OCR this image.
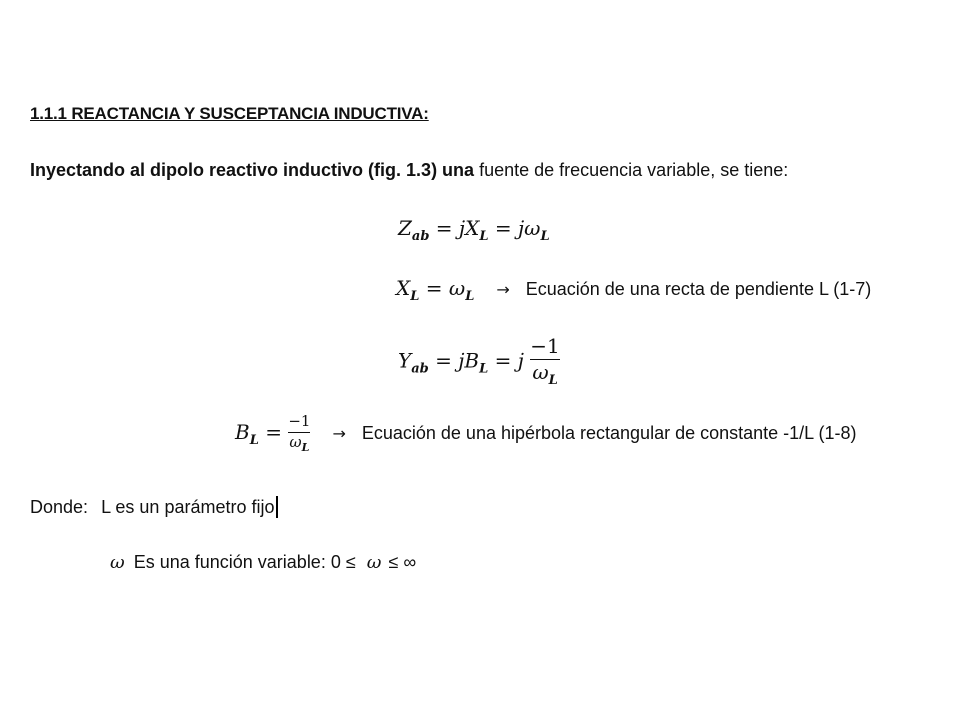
1.1.1 REACTANCIA Y SUSCEPTANCIA INDUCTIVA:
Inyectando al dipolo reactivo inductivo (fig. 1.3) una fuente de frecuencia variable, se tiene:
$Z_{ab} = jX_L = j\omega_L$
$X_L = \omega_L$ → Ecuación de una recta de pendiente L (1-7)
$Y_{ab} = jB_L = j \frac{-1}{\omega_L}$
$B_L = \frac{-1}{\omega_L}$ → Ecuación de una hipérbola rectangular de constante -1/L (1-8)
Donde: L es un parámetro fijo
ω Es una función variable: 0 ≤ ω ≤ ∞
